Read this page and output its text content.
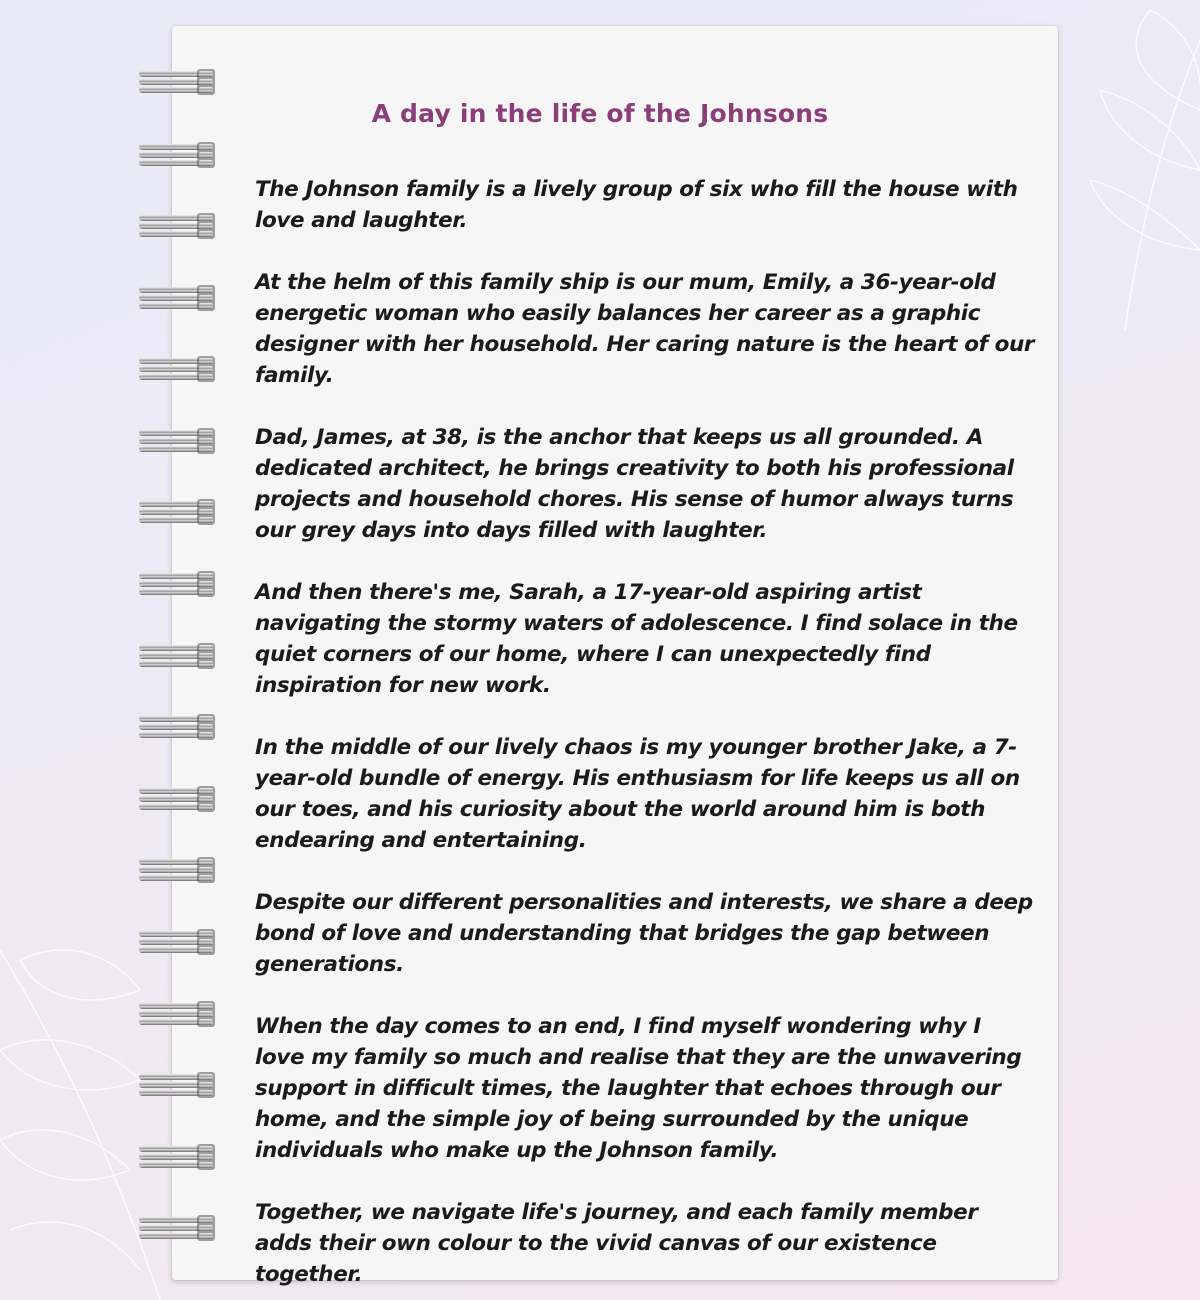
A day in the life of the Johnsons

The Johnson family is a lively group of six who fill the house with love and laughter.

At the helm of this family ship is our mum, Emily, a 36-year-old energetic woman who easily balances her career as a graphic designer with her household. Her caring nature is the heart of our family.

Dad, James, at 38, is the anchor that keeps us all grounded. A dedicated architect, he brings creativity to both his professional projects and household chores. His sense of humor always turns our grey days into days filled with laughter.

And then there's me, Sarah, a 17-year-old aspiring artist navigating the stormy waters of adolescence. I find solace in the quiet corners of our home, where I can unexpectedly find inspiration for new work.

In the middle of our lively chaos is my younger brother Jake, a 7-year-old bundle of energy. His enthusiasm for life keeps us all on our toes, and his curiosity about the world around him is both endearing and entertaining.

Despite our different personalities and interests, we share a deep bond of love and understanding that bridges the gap between generations.

When the day comes to an end, I find myself wondering why I love my family so much and realise that they are the unwavering support in difficult times, the laughter that echoes through our home, and the simple joy of being surrounded by the unique individuals who make up the Johnson family.

Together, we navigate life's journey, and each family member adds their own colour to the vivid canvas of our existence together.
